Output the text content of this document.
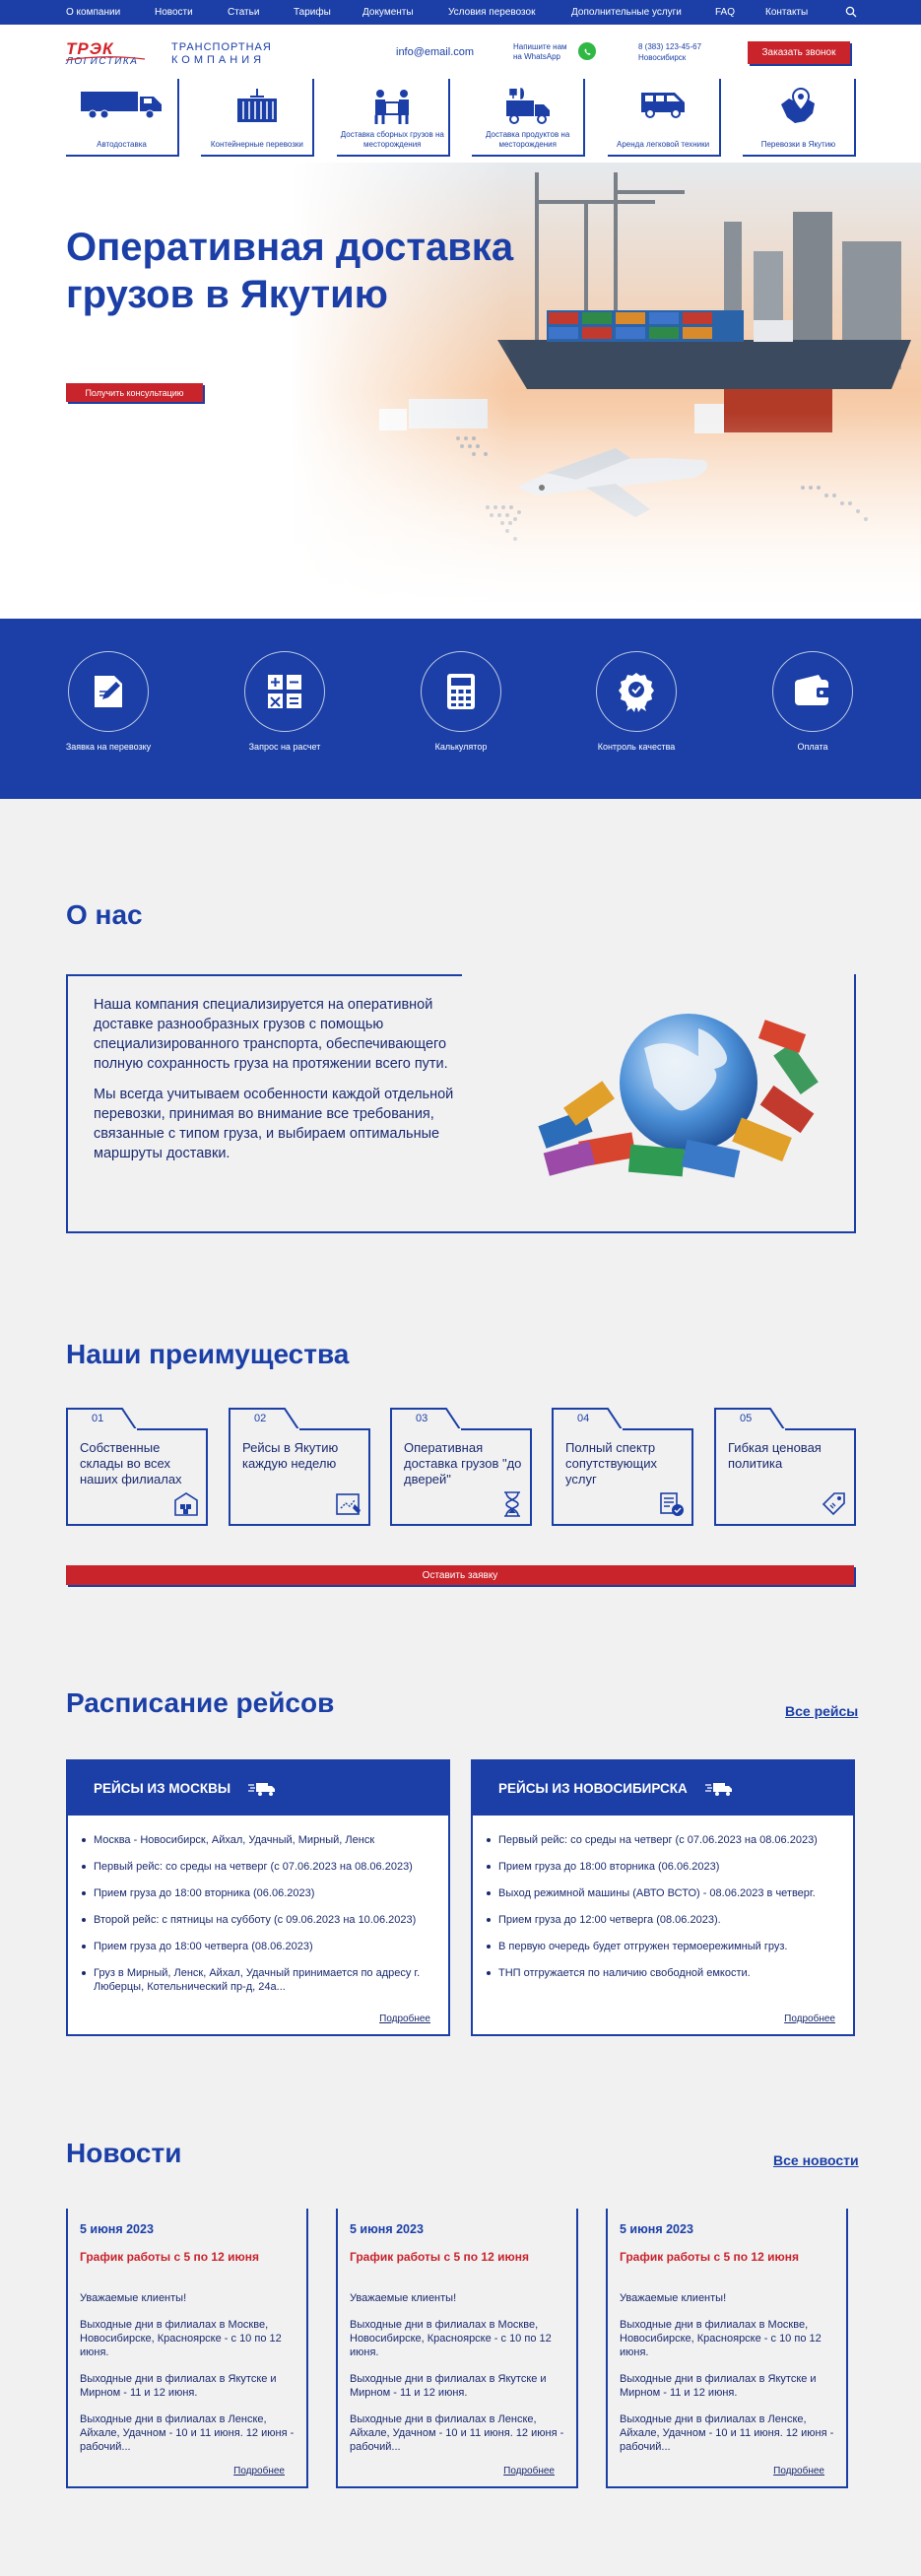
О компании	Новости	Статьи	Тарифы	Документы	Условия перевозок	Дополнительные услуги	FAQ	Контакты
ТРЭК
ЛОГИСТИКА
ТРАНСПОРТНАЯ
КОМПАНИЯ
info@email.com	Напишите нам
на WhatsApp
8 (383) 123-45-67
Новосибирск	Заказать звонок
Автодоставка	Контейнерные перевозки
Доставка сборных грузов на месторождения
Доставка продуктов на месторождения	Аренда легковой техники	Перевозки в Якутию
Оперативная доставка грузов в Якутию
Получить консультацию
Заявка на перевозку	Запрос на расчет	Калькулятор	Контроль качества	Оплата
О нас

Наша компания специализируется на оперативной доставке разнообразных грузов с помощью специализированного транспорта, обеспечивающего полную сохранность груза на протяжении всего пути.

Мы всегда учитываем особенности каждой отдельной перевозки, принимая во внимание все требования, связанные с типом груза, и выбираем оптимальные маршруты доставки.

Наши преимущества
01
Собственные склады во всех наших филиалах
02
Рейсы в Якутию каждую неделю
03
Оперативная доставка грузов "до дверей"
04
Полный спектр сопутствующих услуг
05
Гибкая ценовая политика
Оставить заявку
Расписание рейсов	Все рейсы
РЕЙСЫ ИЗ МОСКВЫ
Москва - Новосибирск, Айхал, Удачный, Мирный, Ленск
Первый рейс: со среды на четверг (с 07.06.2023 на 08.06.2023)
Прием груза до 18:00 вторника (06.06.2023)
Второй рейс: с пятницы на субботу (с 09.06.2023 на 10.06.2023)
Прием груза до 18:00 четверга (08.06.2023)
Груз в Мирный, Ленск, Айхал, Удачный принимается по адресу г. Люберцы, Котельнический пр-д, 24а...
Подробнее
РЕЙСЫ ИЗ НОВОСИБИРСКА
Первый рейс: со среды на четверг (с 07.06.2023 на 08.06.2023)
Прием груза до 18:00 вторника (06.06.2023)
Выход режимной машины (АВТО ВСТО) - 08.06.2023 в четверг.
Прием груза до 12:00 четверга (08.06.2023).
В первую очередь будет отгружен термоережимный груз.
ТНП отгружается по наличию свободной емкости.
Подробнее
Новости	Все новости
5 июня 2023
График работы с 5 по 12 июня

Уважаемые клиенты!

Выходные дни в филиалах в Москве, Новосибирске, Красноярске - с 10 по 12 июня.

Выходные дни в филиалах в Якутске и Мирном - 11 и 12 июня.

Выходные дни в филиалах в Ленске, Айхале, Удачном - 10 и 11 июня. 12 июня - рабочий...

Подробнее
5 июня 2023
График работы с 5 по 12 июня

Уважаемые клиенты!

Выходные дни в филиалах в Москве, Новосибирске, Красноярске - с 10 по 12 июня.

Выходные дни в филиалах в Якутске и Мирном - 11 и 12 июня.

Выходные дни в филиалах в Ленске, Айхале, Удачном - 10 и 11 июня. 12 июня - рабочий...

Подробнее
5 июня 2023
График работы с 5 по 12 июня

Уважаемые клиенты!

Выходные дни в филиалах в Москве, Новосибирске, Красноярске - с 10 по 12 июня.

Выходные дни в филиалах в Якутске и Мирном - 11 и 12 июня.

Выходные дни в филиалах в Ленске, Айхале, Удачном - 10 и 11 июня. 12 июня - рабочий...

Подробнее
